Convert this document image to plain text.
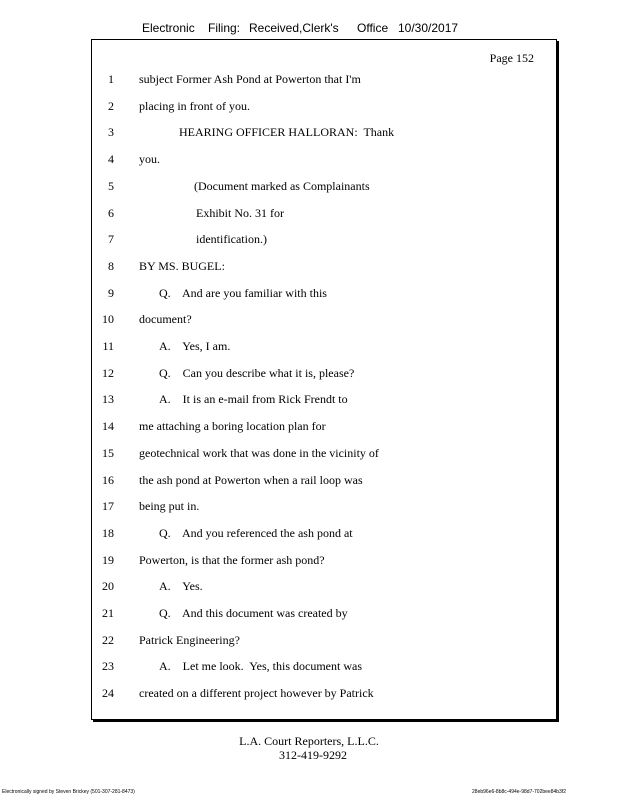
Electronic Filing: Received,Clerk's Office 10/30/2017
Page 152
1 subject Former Ash Pond at Powerton that I'm
2 placing in front of you.
3	HEARING OFFICER HALLORAN:  Thank
4 you.
5	(Document marked as Complainants
6	Exhibit No. 31 for
7	identification.)
8 BY MS. BUGEL:
9	Q.    And are you familiar with this
10 document?
11	A.    Yes, I am.
12	Q.    Can you describe what it is, please?
13	A.    It is an e-mail from Rick Frendt to
14 me attaching a boring location plan for
15 geotechnical work that was done in the vicinity of
16 the ash pond at Powerton when a rail loop was
17 being put in.
18	Q.    And you referenced the ash pond at
19 Powerton, is that the former ash pond?
20	A.    Yes.
21	Q.    And this document was created by
22 Patrick Engineering?
23	A.    Let me look.  Yes, this document was
24 created on a different project however by Patrick
L.A. Court Reporters, L.L.C.
312-419-9292
Electronically signed by Steven Brickey (501-307-281-8473)	28eb96e6-8b8c-494e-98d7-702bee84b3f2
